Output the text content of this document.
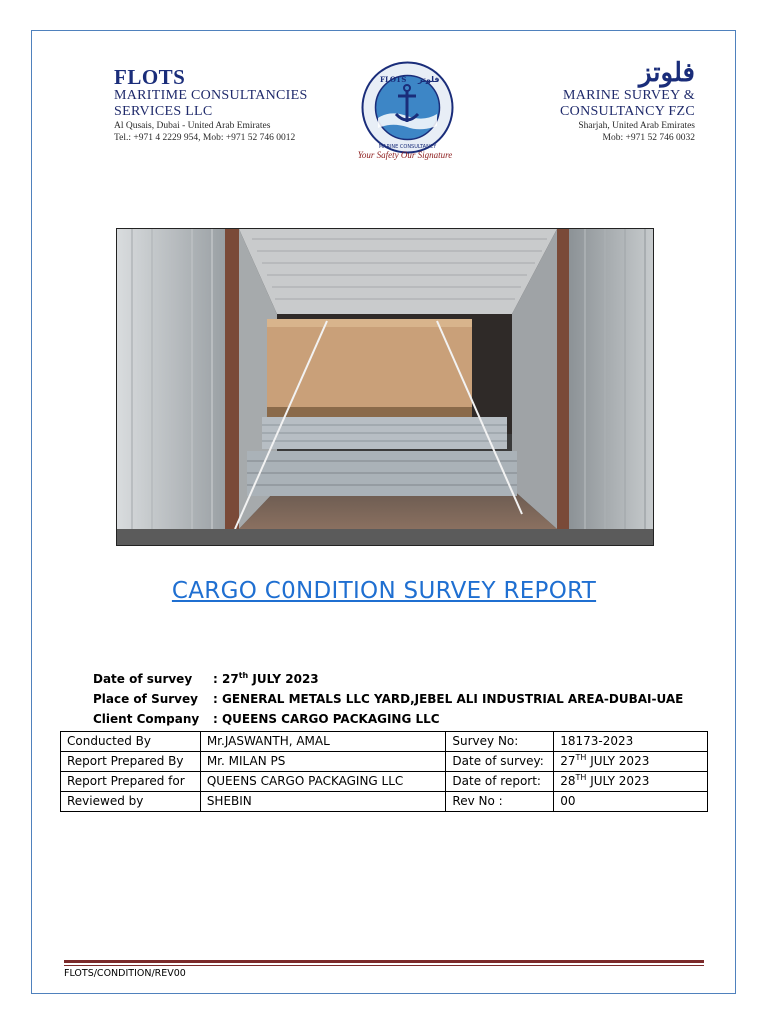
FLOTS
MARITIME CONSULTANCIES
SERVICES LLC
Al Qusais, Dubai - United Arab Emirates
Tel.: +971 4 2229 954, Mob: +971 52 746 0012
FLOTS فلوتز
MARINE CONSULTANCY
Your Safety Our Signature
فلوتز
MARINE SURVEY &
CONSULTANCY FZC
Sharjah, United Arab Emirates
Mob: +971 52 746 0032
CARGO C0NDITION SURVEY REPORT
Date of survey	: 27th JULY 2023
Place of Survey	: GENERAL METALS LLC YARD,JEBEL ALI INDUSTRIAL AREA-DUBAI-UAE
Client Company	: QUEENS CARGO PACKAGING LLC
Conducted By	Mr.JASWANTH, AMAL	Survey No:	18173-2023
Report Prepared By	Mr. MILAN PS	Date of survey:	27TH JULY 2023
Report Prepared for	QUEENS CARGO PACKAGING LLC	Date of report:	28TH JULY 2023
Reviewed by	SHEBIN	Rev No :	00
FLOTS/CONDITION/REV00
